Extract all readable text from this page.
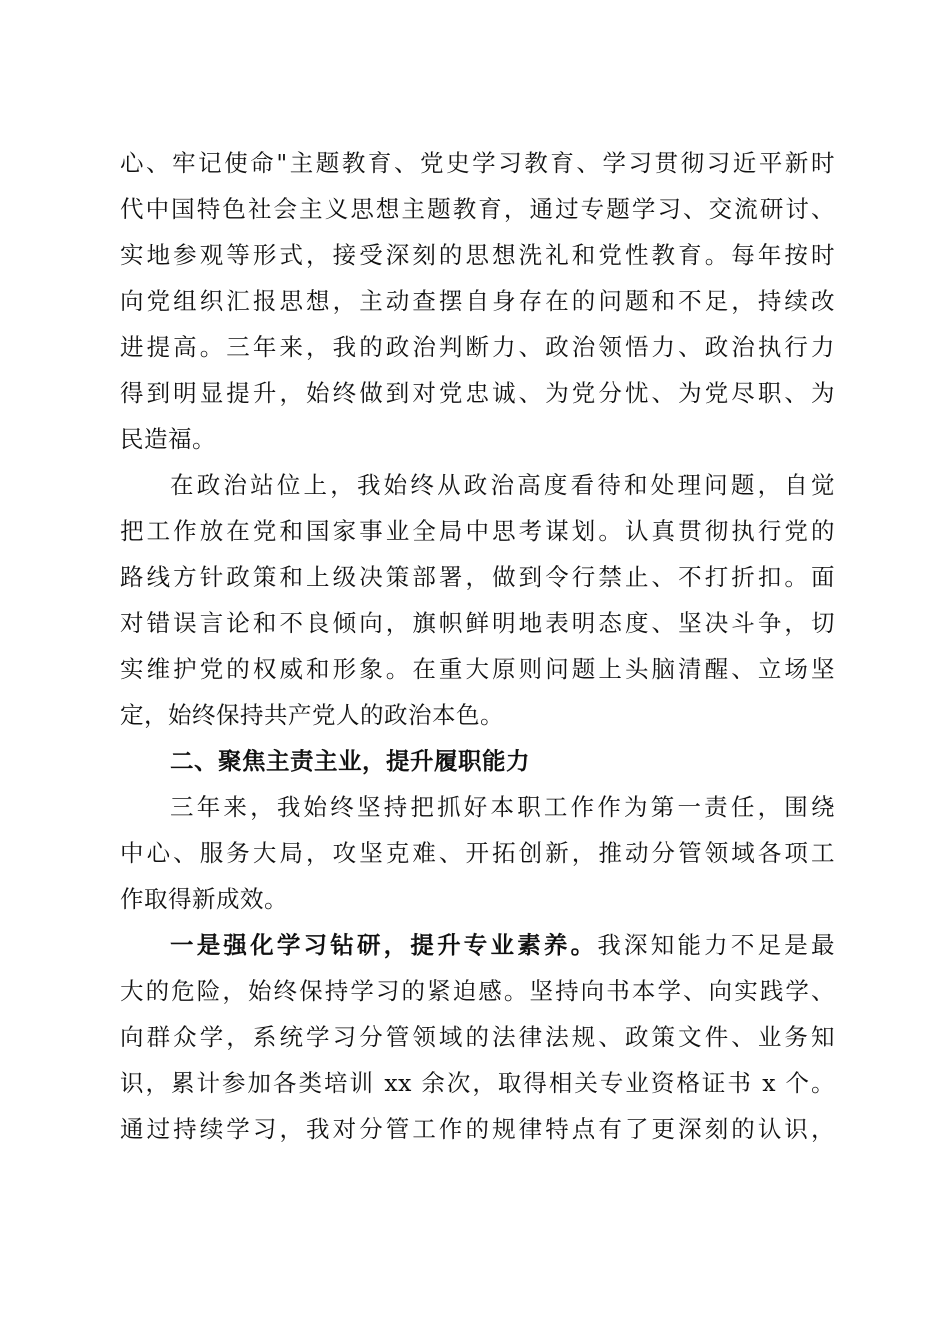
心、牢记使命"主题教育、党史学习教育、学习贯彻习近平新时
代中国特色社会主义思想主题教育，通过专题学习、交流研讨、
实地参观等形式，接受深刻的思想洗礼和党性教育。每年按时
向党组织汇报思想，主动查摆自身存在的问题和不足，持续改
进提高。三年来，我的政治判断力、政治领悟力、政治执行力
得到明显提升，始终做到对党忠诚、为党分忧、为党尽职、为
民造福。
在政治站位上，我始终从政治高度看待和处理问题，自觉
把工作放在党和国家事业全局中思考谋划。认真贯彻执行党的
路线方针政策和上级决策部署，做到令行禁止、不打折扣。面
对错误言论和不良倾向，旗帜鲜明地表明态度、坚决斗争，切
实维护党的权威和形象。在重大原则问题上头脑清醒、立场坚
定，始终保持共产党人的政治本色。
二、聚焦主责主业，提升履职能力
三年来，我始终坚持把抓好本职工作作为第一责任，围绕
中心、服务大局，攻坚克难、开拓创新，推动分管领域各项工
作取得新成效。
一是强化学习钻研，提升专业素养。我深知能力不足是最
大的危险，始终保持学习的紧迫感。坚持向书本学、向实践学、
向群众学，系统学习分管领域的法律法规、政策文件、业务知
识，累计参加各类培训 xx 余次，取得相关专业资格证书 x 个。
通过持续学习，我对分管工作的规律特点有了更深刻的认识，
